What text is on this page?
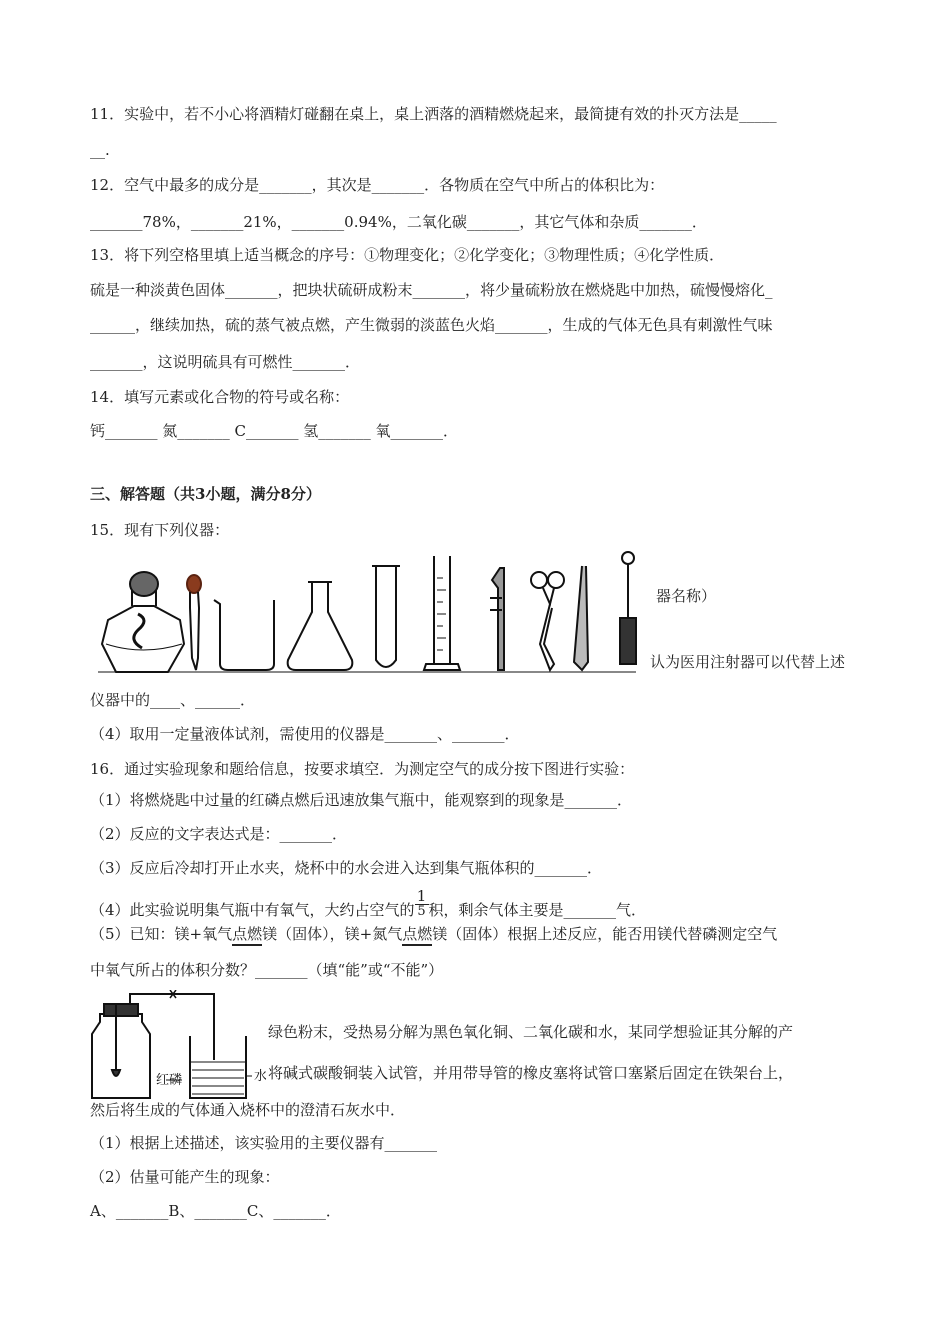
11．实验中，若不小心将酒精灯碰翻在桌上，桌上洒落的酒精燃烧起来，最简捷有效的扑灭方法是_____
__.
12．空气中最多的成分是_______，其次是_______．各物质在空气中所占的体积比为：
_______78%，_______21%，_______0.94%，二氧化碳_______，其它气体和杂质_______．
13．将下列空格里填上适当概念的序号：①物理变化；②化学变化；③物理性质；④化学性质．
硫是一种淡黄色固体_______，把块状硫研成粉末_______，将少量硫粉放在燃烧匙中加热，硫慢慢熔化_
______，继续加热，硫的蒸气被点燃，产生微弱的淡蓝色火焰_______，生成的气体无色具有刺激性气味
_______，这说明硫具有可燃性_______．
14．填写元素或化合物的符号或名称：
钙_______ 氮_______ C_______ 氢_______ 氧_______．
三、解答题（共3小题，满分8分）
15．现有下列仪器：
器名称）
认为医用注射器可以代替上述
仪器中的____、______．
（4）取用一定量液体试剂，需使用的仪器是_______、_______．
16．通过实验现象和题给信息，按要求填空．为测定空气的成分按下图进行实验：
（1）将燃烧匙中过量的红磷点燃后迅速放集气瓶中，能观察到的现象是_______．
（2）反应的文字表达式是：_______．
（3）反应后冷却打开止水夹，烧杯中的水会进入达到集气瓶体积的_______．
（4）此实验说明集气瓶中有氧气，大约占空气的 $\frac{1}{5}$ 积，剩余气体主要是_______气．
（5）已知：镁+氧气点燃镁（固体），镁+氮气点燃镁（固体）根据上述反应，能否用镁代替磷测定空气
中氧气所占的体积分数？_______（填“能”或“不能”）
红磷	水
绿色粉末，受热易分解为黑色氧化铜、二氧化碳和水，某同学想验证其分解的产
将碱式碳酸铜装入试管，并用带导管的橡皮塞将试管口塞紧后固定在铁架台上，
然后将生成的气体通入烧杯中的澄清石灰水中．
（1）根据上述描述，该实验用的主要仪器有_______
（2）估量可能产生的现象：
A、_______B、_______C、_______．
